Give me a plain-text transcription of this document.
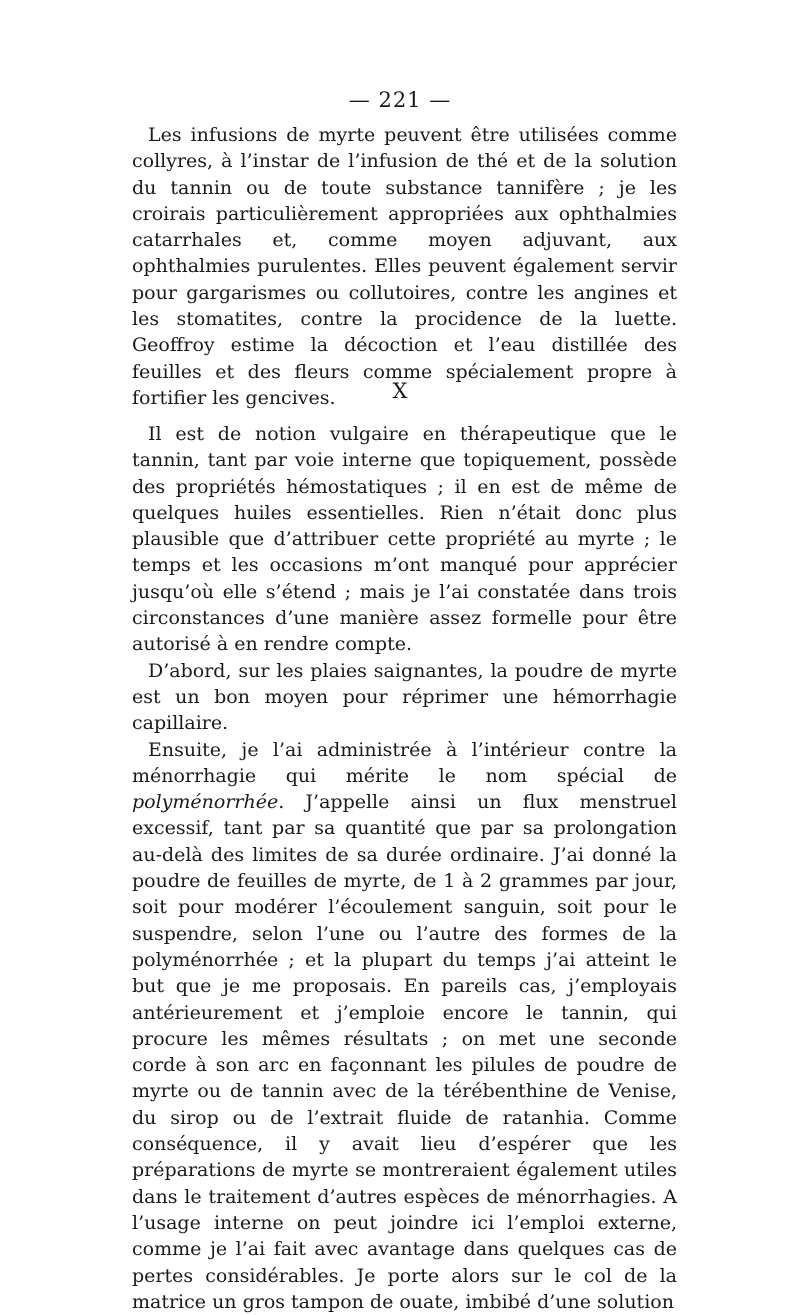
— 221 —

Les infusions de myrte peuvent être utilisées comme collyres, à l’instar de l’infusion de thé et de la solution du tannin ou de toute substance tannifère ; je les croirais particulièrement appropriées aux ophthalmies catarrhales et, comme moyen adjuvant, aux ophthalmies purulentes. Elles peuvent également servir pour gargarismes ou collutoires, contre les angines et les stomatites, contre la procidence de la luette. Geoffroy estime la décoction et l’eau distillée des feuilles et des fleurs comme spécialement propre à fortifier les gencives.	X

Il est de notion vulgaire en thérapeutique que le tannin, tant par voie interne que topiquement, possède des propriétés hémostatiques ; il en est de même de quelques huiles essentielles. Rien n’était donc plus plausible que d’attribuer cette propriété au myrte ; le temps et les occasions m’ont manqué pour apprécier jusqu’où elle s’étend ; mais je l’ai constatée dans trois circonstances d’une manière assez formelle pour être autorisé à en rendre compte.

D’abord, sur les plaies saignantes, la poudre de myrte est un bon moyen pour réprimer une hémorrhagie capillaire.

Ensuite, je l’ai administrée à l’intérieur contre la ménorrhagie qui mérite le nom spécial de polyménorrhée. J’appelle ainsi un flux menstruel excessif, tant par sa quantité que par sa prolongation au-delà des limites de sa durée ordinaire. J’ai donné la poudre de feuilles de myrte, de 1 à 2 grammes par jour, soit pour modérer l’écoulement sanguin, soit pour le suspendre, selon l’une ou l’autre des formes de la polyménorrhée ; et la plupart du temps j’ai atteint le but que je me proposais. En pareils cas, j’employais antérieurement et j’emploie encore le tannin, qui procure les mêmes résultats ; on met une seconde corde à son arc en façonnant les pilules de poudre de myrte ou de tannin avec de la térébenthine de Venise, du sirop ou de l’extrait fluide de ratanhia. Comme conséquence, il y avait lieu d’espérer que les préparations de myrte se montreraient également utiles dans le traitement d’autres espèces de ménorrhagies. A l’usage interne on peut joindre ici l’emploi externe, comme je l’ai fait avec avantage dans quelques cas de pertes considérables. Je porte alors sur le col de la matrice un gros tampon de ouate, imbibé d’une solution
